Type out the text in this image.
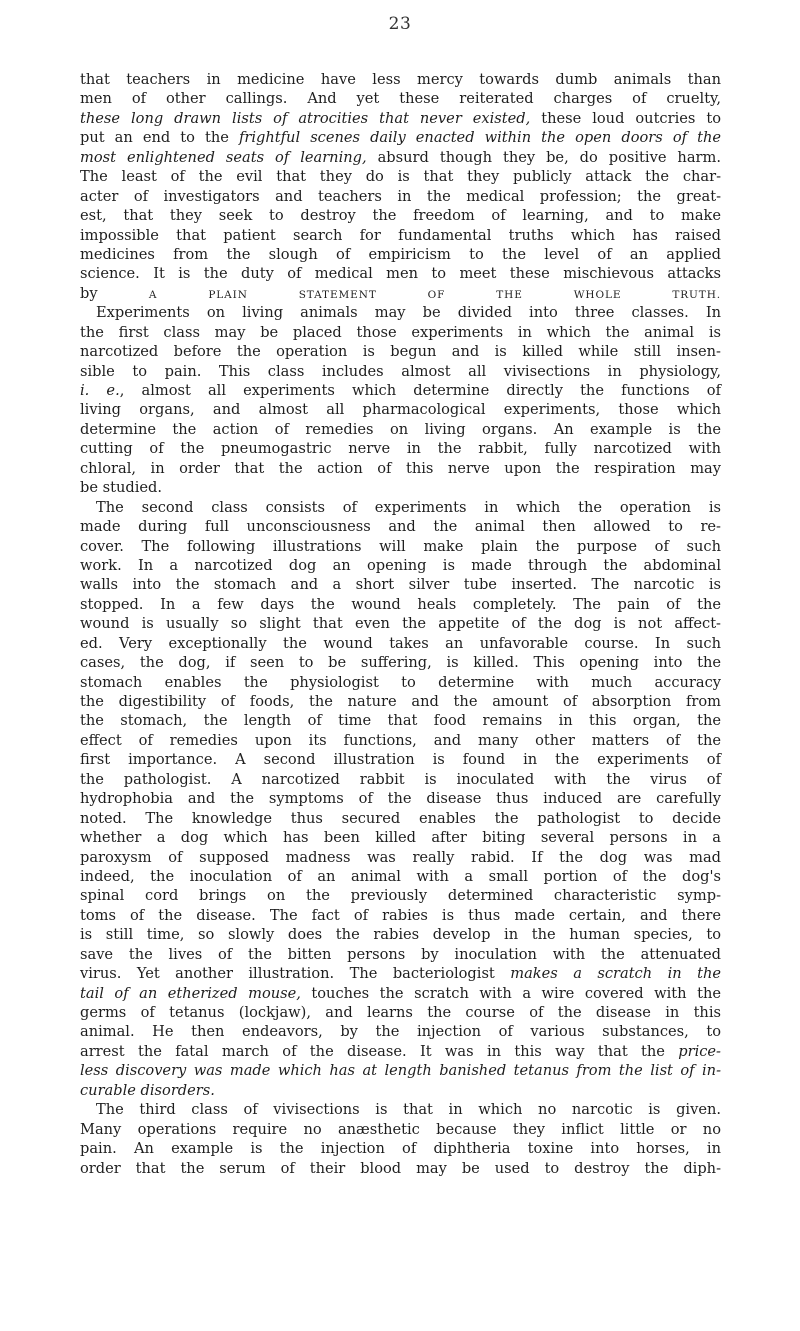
23
that teachers in medicine have less mercy towards dumb animals than
men of other callings. And yet these reiterated charges of cruelty,
these long drawn lists of atrocities that never existed, these loud outcries to
put an end to the frightful scenes daily enacted within the open doors of the
most enlightened seats of learning, absurd though they be, do positive harm.
The least of the evil that they do is that they publicly attack the char-
acter of investigators and teachers in the medical profession; the great-
est, that they seek to destroy the freedom of learning, and to make
impossible that patient search for fundamental truths which has raised
medicines from the slough of empiricism to the level of an applied
science. It is the duty of medical men to meet these mischievous attacks
by A PLAIN STATEMENT OF THE WHOLE TRUTH.
Experiments on living animals may be divided into three classes. In
the first class may be placed those experiments in which the animal is
narcotized before the operation is begun and is killed while still insen-
sible to pain. This class includes almost all vivisections in physiology,
i. e., almost all experiments which determine directly the functions of
living organs, and almost all pharmacological experiments, those which
determine the action of remedies on living organs. An example is the
cutting of the pneumogastric nerve in the rabbit, fully narcotized with
chloral, in order that the action of this nerve upon the respiration may
be studied.
The second class consists of experiments in which the operation is
made during full unconsciousness and the animal then allowed to re-
cover. The following illustrations will make plain the purpose of such
work. In a narcotized dog an opening is made through the abdominal
walls into the stomach and a short silver tube inserted. The narcotic is
stopped. In a few days the wound heals completely. The pain of the
wound is usually so slight that even the appetite of the dog is not affect-
ed. Very exceptionally the wound takes an unfavorable course. In such
cases, the dog, if seen to be suffering, is killed. This opening into the
stomach enables the physiologist to determine with much accuracy
the digestibility of foods, the nature and the amount of absorption from
the stomach, the length of time that food remains in this organ, the
effect of remedies upon its functions, and many other matters of the
first importance. A second illustration is found in the experiments of
the pathologist. A narcotized rabbit is inoculated with the virus of
hydrophobia and the symptoms of the disease thus induced are carefully
noted. The knowledge thus secured enables the pathologist to decide
whether a dog which has been killed after biting several persons in a
paroxysm of supposed madness was really rabid. If the dog was mad
indeed, the inoculation of an animal with a small portion of the dog's
spinal cord brings on the previously determined characteristic symp-
toms of the disease. The fact of rabies is thus made certain, and there
is still time, so slowly does the rabies develop in the human species, to
save the lives of the bitten persons by inoculation with the attenuated
virus. Yet another illustration. The bacteriologist makes a scratch in the
tail of an etherized mouse, touches the scratch with a wire covered with the
germs of tetanus (lockjaw), and learns the course of the disease in this
animal. He then endeavors, by the injection of various substances, to
arrest the fatal march of the disease. It was in this way that the price-
less discovery was made which has at length banished tetanus from the list of in-
curable disorders.
The third class of vivisections is that in which no narcotic is given.
Many operations require no anæsthetic because they inflict little or no
pain. An example is the injection of diphtheria toxine into horses, in
order that the serum of their blood may be used to destroy the diph-
